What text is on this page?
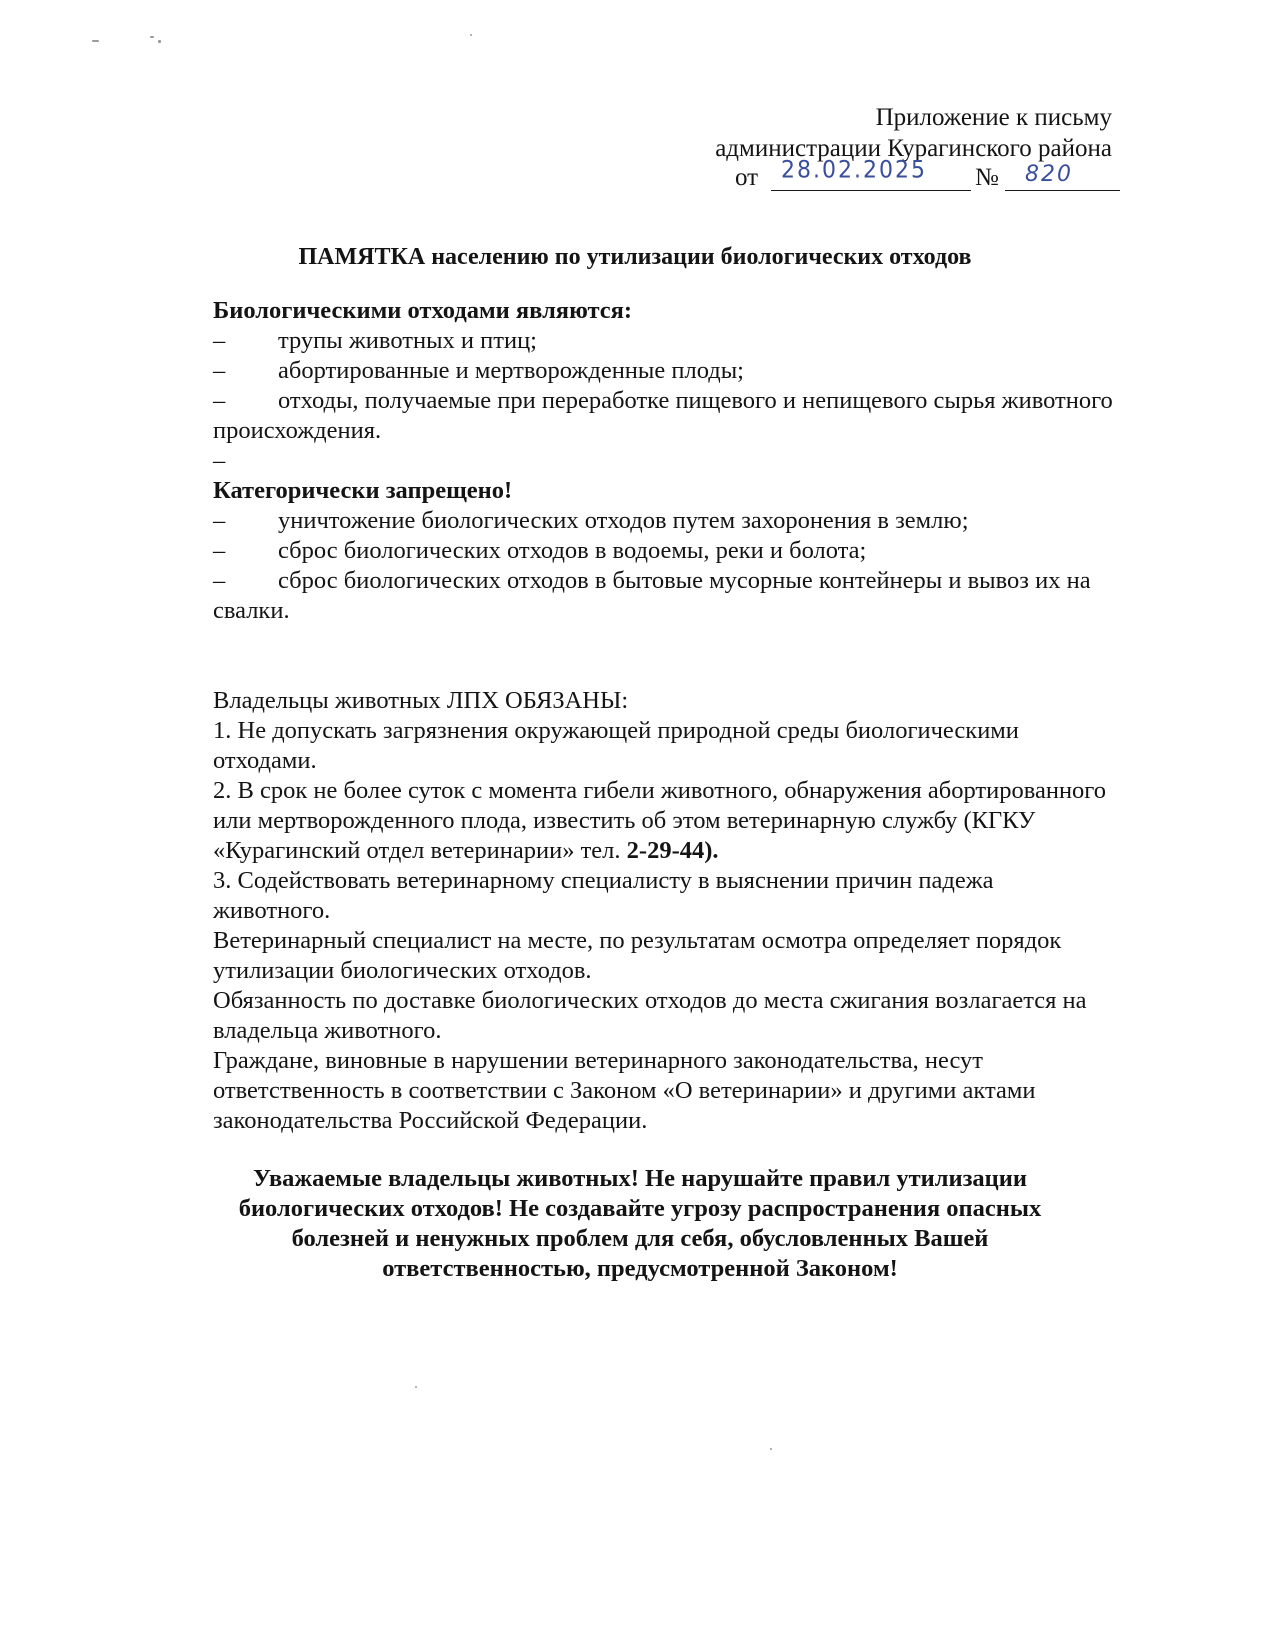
Приложение к письму
администрации Курагинского района
от 28.02.2025 № 820
ПАМЯТКА населению по утилизации биологических отходов

Биологическими отходами являются:

– трупы животных и птиц;

– абортированные и мертворожденные плоды;

–	отходы, получаемые при переработке пищевого и непищевого сырья животного происхождения.

–

Категорически запрещено!

– уничтожение биологических отходов путем захоронения в землю;

– сброс биологических отходов в водоемы, реки и болота;

–	сброс биологических отходов в бытовые мусорные контейнеры и вывоз их на свалки.

Владельцы животных ЛПХ ОБЯЗАНЫ:

1. Не допускать загрязнения окружающей природной среды биологическими отходами.

2. В срок не более суток с момента гибели животного, обнаружения абортированного или мертворожденного плода, известить об этом ветеринарную службу (КГКУ «Курагинский отдел ветеринарии» тел. 2-29-44).

3. Содействовать ветеринарному специалисту в выяснении причин падежа животного.

Ветеринарный специалист на месте, по результатам осмотра определяет порядок утилизации биологических отходов.

Обязанность по доставке биологических отходов до места сжигания возлагается на владельца животного.

Граждане, виновные в нарушении ветеринарного законодательства, несут ответственность в соответствии с Законом «О ветеринарии» и другими актами законодательства Российской Федерации.

Уважаемые владельцы животных! Не нарушайте правил утилизации биологических отходов! Не создавайте угрозу распространения опасных болезней и ненужных проблем для себя, обусловленных Вашей ответственностью, предусмотренной Законом!
